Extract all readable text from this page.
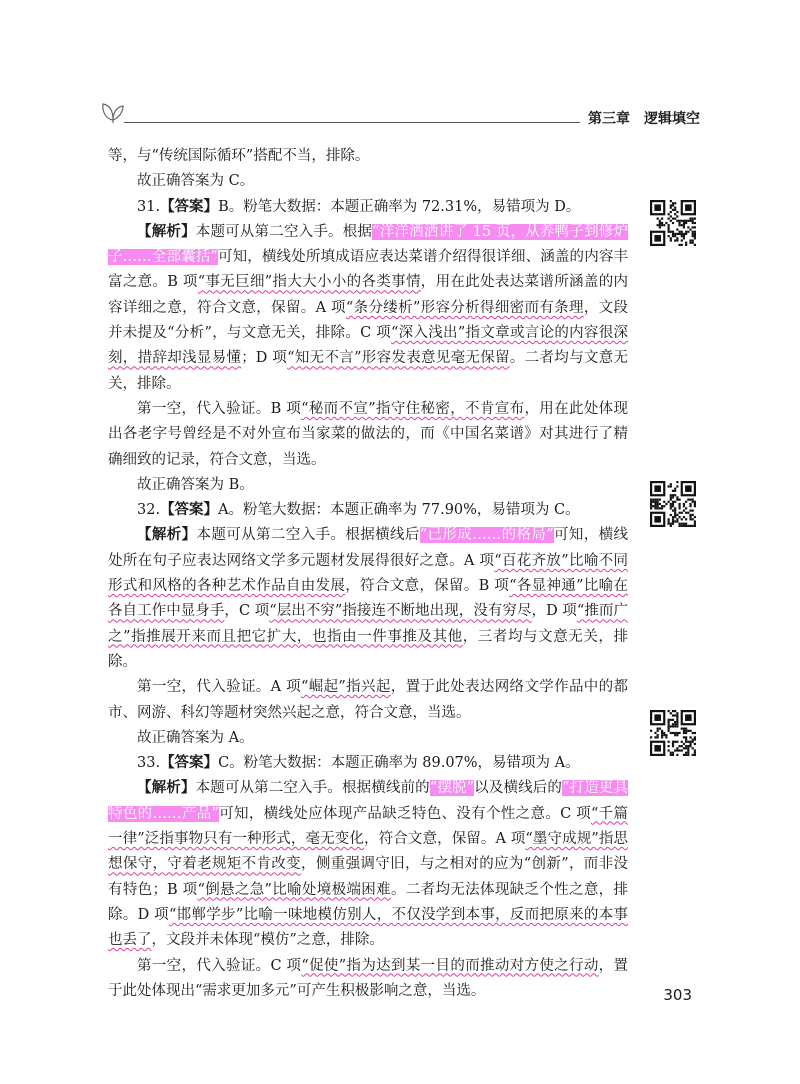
第三章 逻辑填空

等，与“传统国际循环”搭配不当，排除。

故正确答案为 C。

31.【答案】B。粉笔大数据：本题正确率为 72.31%，易错项为 D。

【解析】本题可从第二空入手。根据“洋洋洒洒讲了 15 页，从养鸭子到修炉子……全部囊括”可知，横线处所填成语应表达菜谱介绍得很详细、涵盖的内容丰富之意。B 项“事无巨细”指大大小小的各类事情，用在此处表达菜谱所涵盖的内容详细之意，符合文意，保留。A 项“条分缕析”形容分析得细密而有条理，文段并未提及“分析”，与文意无关，排除。C 项“深入浅出”指文章或言论的内容很深刻，措辞却浅显易懂；D 项“知无不言”形容发表意见毫无保留。二者均与文意无关，排除。

第一空，代入验证。B 项“秘而不宣”指守住秘密，不肯宣布，用在此处体现出各老字号曾经是不对外宣布当家菜的做法的，而《中国名菜谱》对其进行了精确细致的记录，符合文意，当选。

故正确答案为 B。

32.【答案】A。粉笔大数据：本题正确率为 77.90%，易错项为 C。

【解析】本题可从第二空入手。根据横线后“已形成……的格局”可知，横线处所在句子应表达网络文学多元题材发展得很好之意。A 项“百花齐放”比喻不同形式和风格的各种艺术作品自由发展，符合文意，保留。B 项“各显神通”比喻在各自工作中显身手，C 项“层出不穷”指接连不断地出现，没有穷尽，D 项“推而广之”指推展开来而且把它扩大，也指由一件事推及其他，三者均与文意无关，排除。

第一空，代入验证。A 项“崛起”指兴起，置于此处表达网络文学作品中的都市、网游、科幻等题材突然兴起之意，符合文意，当选。

故正确答案为 A。

33.【答案】C。粉笔大数据：本题正确率为 89.07%，易错项为 A。

【解析】本题可从第二空入手。根据横线前的“摆脱”以及横线后的“打造更具特色的……产品”可知，横线处应体现产品缺乏特色、没有个性之意。C 项“千篇一律”泛指事物只有一种形式，毫无变化，符合文意，保留。A 项“墨守成规”指思想保守，守着老规矩不肯改变，侧重强调守旧，与之相对的应为“创新”，而非没有特色；B 项“倒悬之急”比喻处境极端困难。二者均无法体现缺乏个性之意，排除。D 项“邯郸学步”比喻一味地模仿别人，不仅没学到本事，反而把原来的本事也丢了，文段并未体现“模仿”之意，排除。

第一空，代入验证。C 项“促使”指为达到某一目的而推动对方使之行动，置于此处体现出“需求更加多元”可产生积极影响之意，当选。	303
